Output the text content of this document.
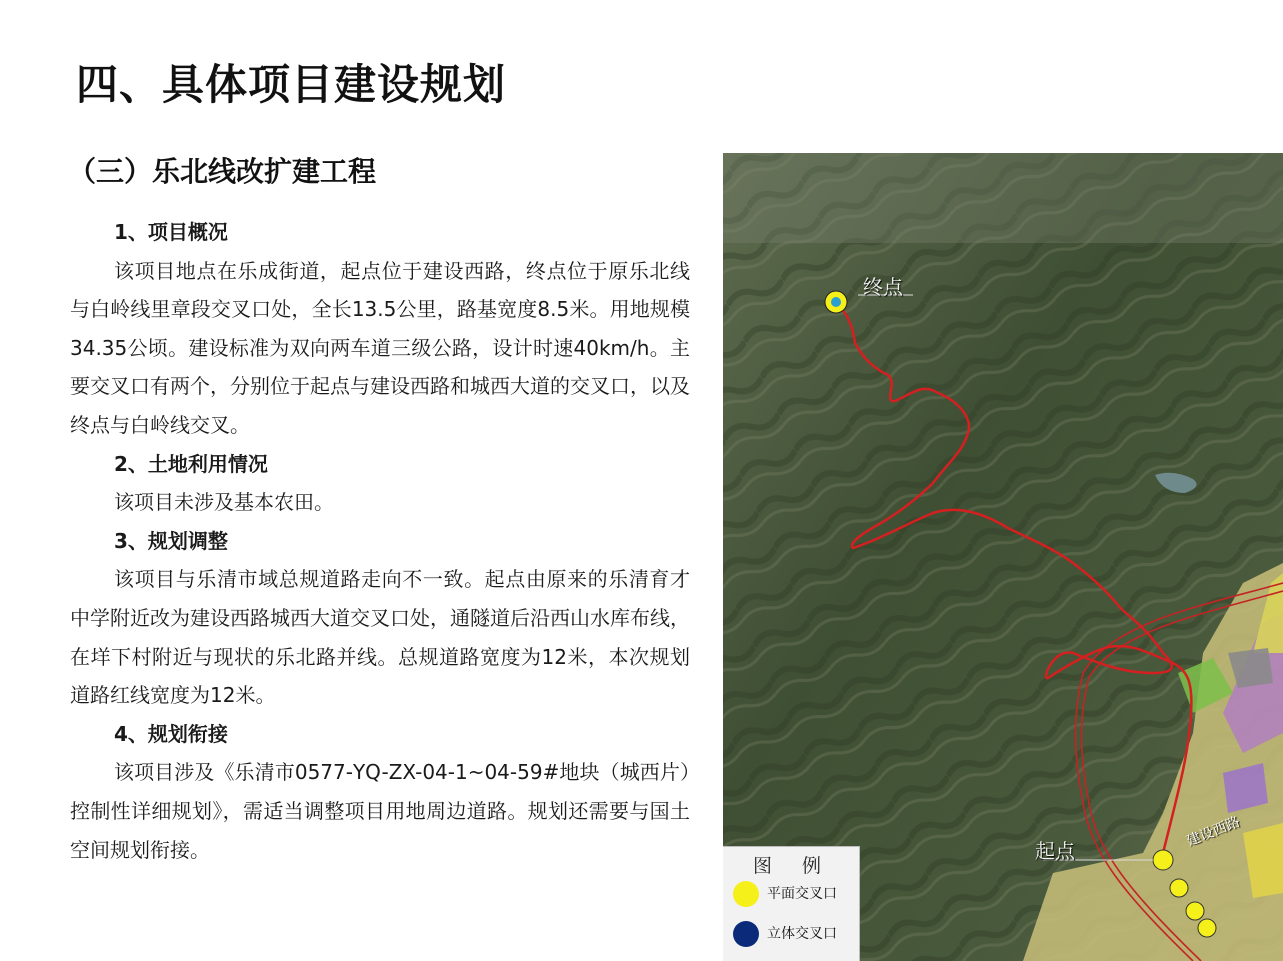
四、具体项目建设规划
（三）乐北线改扩建工程
1、项目概况
该项目地点在乐成街道，起点位于建设西路，终点位于原乐北线与白岭线里章段交叉口处，全长13.5公里，路基宽度8.5米。用地规模34.35公顷。建设标准为双向两车道三级公路，设计时速40km/h。主要交叉口有两个，分别位于起点与建设西路和城西大道的交叉口，以及终点与白岭线交叉。
2、土地利用情况
该项目未涉及基本农田。
3、规划调整
该项目与乐清市域总规道路走向不一致。起点由原来的乐清育才中学附近改为建设西路城西大道交叉口处，通隧道后沿西山水库布线，在垟下村附近与现状的乐北路并线。总规道路宽度为12米，本次规划道路红线宽度为12米。
4、规划衔接
该项目涉及《乐清市0577-YQ-ZX-04-1~04-59#地块（城西片）控制性详细规划》，需适当调整项目用地周边道路。规划还需要与国土空间规划衔接。
终点
起点
建设西路
图例
平面交叉口
立体交叉口
